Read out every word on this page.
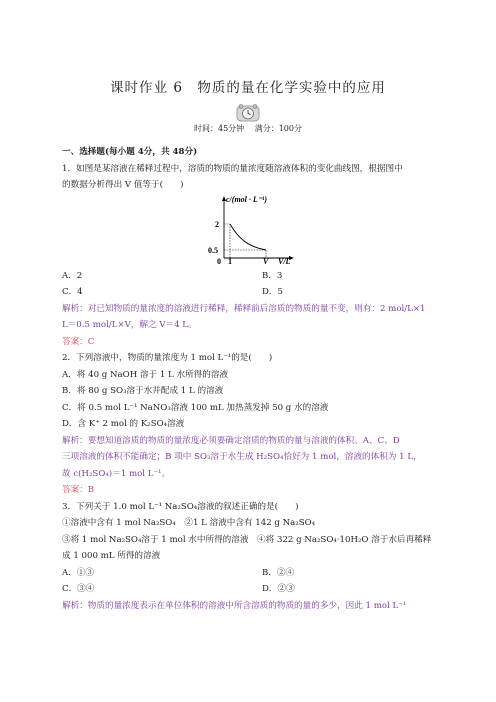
课时作业 6　物质的量在化学实验中的应用
时间：45分钟 满分：100分

一、选择题(每小题 4分，共 48分)

1．如图是某溶液在稀释过程中，溶质的物质的量浓度随溶液体积的变化曲线图，根据图中

的数据分析得出 V 值等于(　　)

c/(mol · L⁻¹)
2
0.5
0 1	V V/L
A．2	B．3
C．4	D．5

解析：对已知物质的量浓度的溶液进行稀释，稀释前后溶质的物质的量不变，则有：2 mol/L×1

L＝0.5 mol/L×V，解之 V＝4 L。

答案：C

2．下列溶液中，物质的量浓度为 1 mol L⁻¹的是(　　)

A．将 40 g NaOH 溶于 1 L 水所得的溶液

B．将 80 g SO₃溶于水并配成 1 L 的溶液

C．将 0.5 mol L⁻¹ NaNO₃溶液 100 mL 加热蒸发掉 50 g 水的溶液

D．含 K⁺ 2 mol 的 K₂SO₄溶液

解析：要想知道溶质的物质的量浓度必须要确定溶质的物质的量与溶液的体积。A、C、D

三项溶液的体积不能确定；B 项中 SO₃溶于水生成 H₂SO₄恰好为 1 mol，溶液的体积为 1 L，

故 c(H₂SO₄)＝1 mol L⁻¹。

答案：B

3．下列关于 1.0 mol L⁻¹ Na₂SO₄溶液的叙述正确的是(　　)

①溶液中含有 1 mol Na₂SO₄　②1 L 溶液中含有 142 g Na₂SO₄

③将 1 mol Na₂SO₄溶于 1 mol 水中所得的溶液　④将 322 g Na₂SO₄·10H₂O 溶于水后再稀释

成 1 000 mL 所得的溶液

A．①③	B．②④
C．③④	D．②③

解析：物质的量浓度表示在单位体积的溶液中所含溶质的物质的量的多少，因此 1 mol L⁻¹
